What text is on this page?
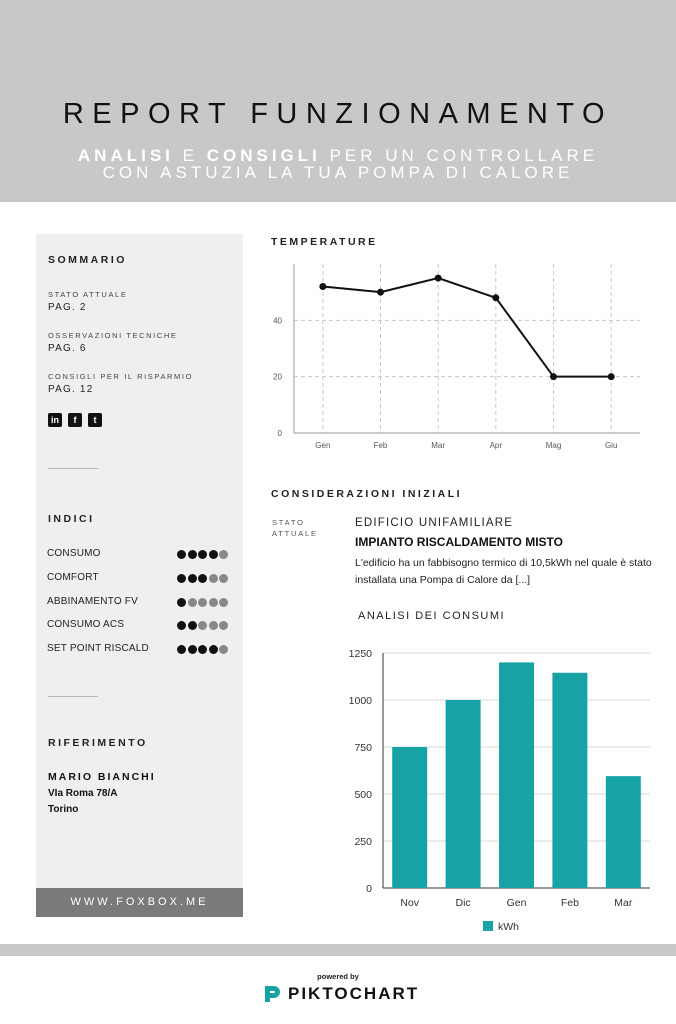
REPORT FUNZIONAMENTO
ANALISI E CONSIGLI PER UN CONTROLLARE
CON ASTUZIA LA TUA POMPA DI CALORE
SOMMARIO
STATO ATTUALE
PAG. 2
OSSERVAZIONI TECNICHE
PAG. 6
CONSIGLI PER IL RISPARMIO
PAG. 12
in	f	t
INDICI
CONSUMO
COMFORT
ABBINAMENTO FV
CONSUMO ACS
SET POINT RISCALD
RIFERIMENTO
MARIO BIANCHI
VIa Roma 78/A
Torino
WWW.FOXBOX.ME
TEMPERATURE
0
20
40
Gen	Feb	Mar	Apr	Mag	Giu
CONSIDERAZIONI INIZIALI
STATO
ATTUALE
EDIFICIO UNIFAMILIARE
IMPIANTO RISCALDAMENTO MISTO
L'edificio ha un fabbisogno termico di 10,5kWh nel quale è stato installata una Pompa di Calore da [...]
ANALISI DEI CONSUMI
0
250
500
750
1000
1250
Nov	Dic	Gen	Feb	Mar
kWh
powered by
PIKTOCHART
